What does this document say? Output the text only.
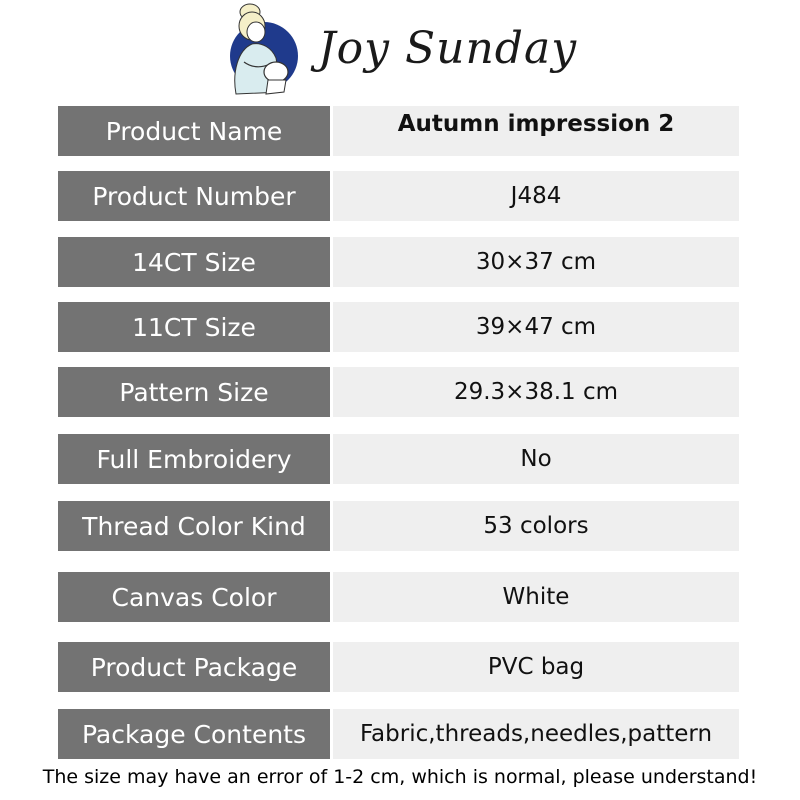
Joy Sunday
Product Name	Autumn impression 2
Product Number	J484
14CT Size	30×37 cm
11CT Size	39×47 cm
Pattern Size	29.3×38.1 cm
Full Embroidery	No
Thread Color Kind	53 colors
Canvas Color	White
Product Package	PVC bag
Package Contents	Fabric,threads,needles,pattern
The size may have an error of 1-2 cm, which is normal, please understand!
